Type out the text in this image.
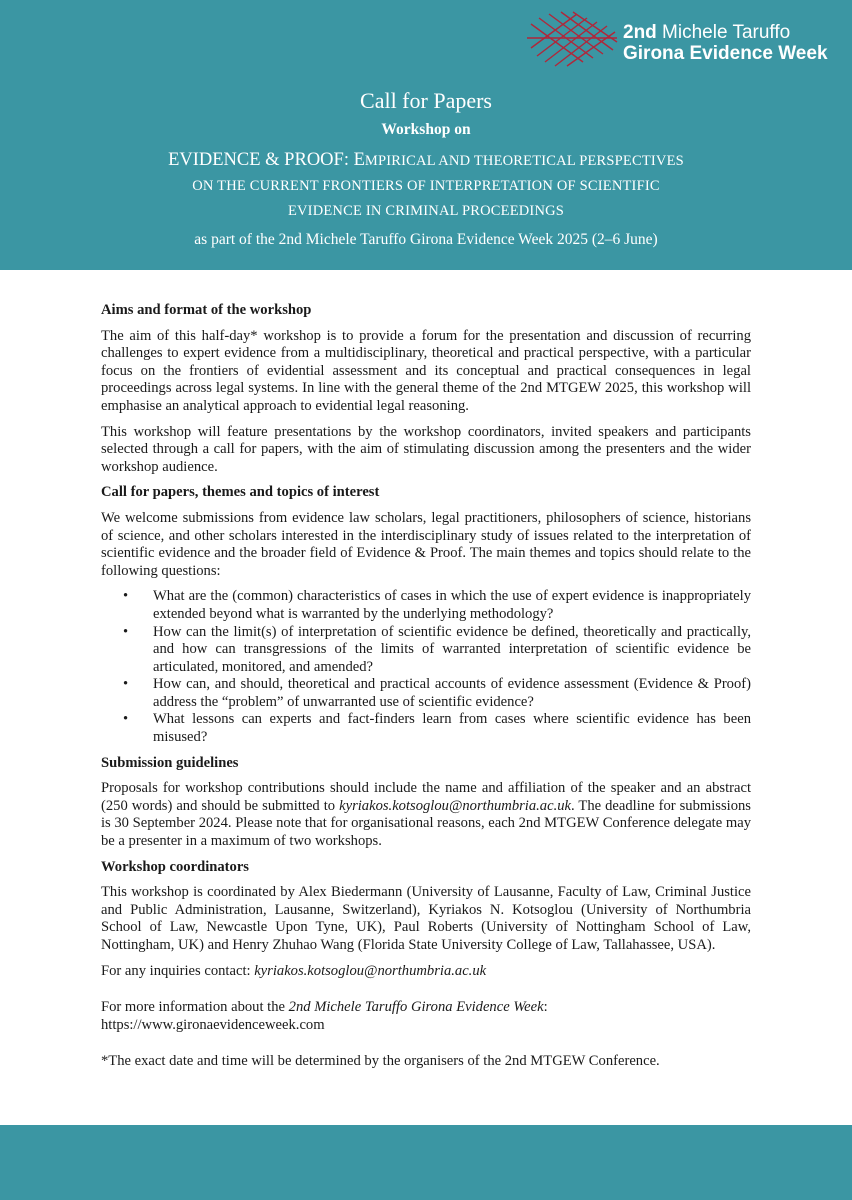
2nd Michele Taruffo
Girona Evidence Week
Call for Papers
Workshop on
EVIDENCE & PROOF: EMPIRICAL AND THEORETICAL PERSPECTIVES
ON THE CURRENT FRONTIERS OF INTERPRETATION OF SCIENTIFIC
EVIDENCE IN CRIMINAL PROCEEDINGS
as part of the 2nd Michele Taruffo Girona Evidence Week 2025 (2–6 June)
Aims and format of the workshop

The aim of this half-day* workshop is to provide a forum for the presentation and discussion of recurring challenges to expert evidence from a multidisciplinary, theoretical and practical perspective, with a particular focus on the frontiers of evidential assessment and its conceptual and practical consequences in legal proceedings across legal systems. In line with the general theme of the 2nd MTGEW 2025, this workshop will emphasise an analytical approach to evidential legal reasoning.

This workshop will feature presentations by the workshop coordinators, invited speakers and participants selected through a call for papers, with the aim of stimulating discussion among the presenters and the wider workshop audience.

Call for papers, themes and topics of interest

We welcome submissions from evidence law scholars, legal practitioners, philosophers of science, historians of science, and other scholars interested in the interdisciplinary study of issues related to the interpretation of scientific evidence and the broader field of Evidence & Proof. The main themes and topics should relate to the following questions:

• What are the (common) characteristics of cases in which the use of expert evidence is inappropriately extended beyond what is warranted by the underlying methodology?
• How can the limit(s) of interpretation of scientific evidence be defined, theoretically and practically, and how can transgressions of the limits of warranted interpretation of scientific evidence be articulated, monitored, and amended?
• How can, and should, theoretical and practical accounts of evidence assessment (Evidence & Proof) address the “problem” of unwarranted use of scientific evidence?
• What lessons can experts and fact-finders learn from cases where scientific evidence has been misused?
Submission guidelines

Proposals for workshop contributions should include the name and affiliation of the speaker and an abstract (250 words) and should be submitted to kyriakos.kotsoglou@northumbria.ac.uk. The deadline for submissions is 30 September 2024. Please note that for organisational reasons, each 2nd MTGEW Conference delegate may be a presenter in a maximum of two workshops.

Workshop coordinators

This workshop is coordinated by Alex Biedermann (University of Lausanne, Faculty of Law, Criminal Justice and Public Administration, Lausanne, Switzerland), Kyriakos N. Kotsoglou (University of Northumbria School of Law, Newcastle Upon Tyne, UK), Paul Roberts (University of Nottingham School of Law, Nottingham, UK) and Henry Zhuhao Wang (Florida State University College of Law, Tallahassee, USA).

For any inquiries contact: kyriakos.kotsoglou@northumbria.ac.uk

For more information about the 2nd Michele Taruffo Girona Evidence Week:
https://www.gironaevidenceweek.com

*The exact date and time will be determined by the organisers of the 2nd MTGEW Conference.
